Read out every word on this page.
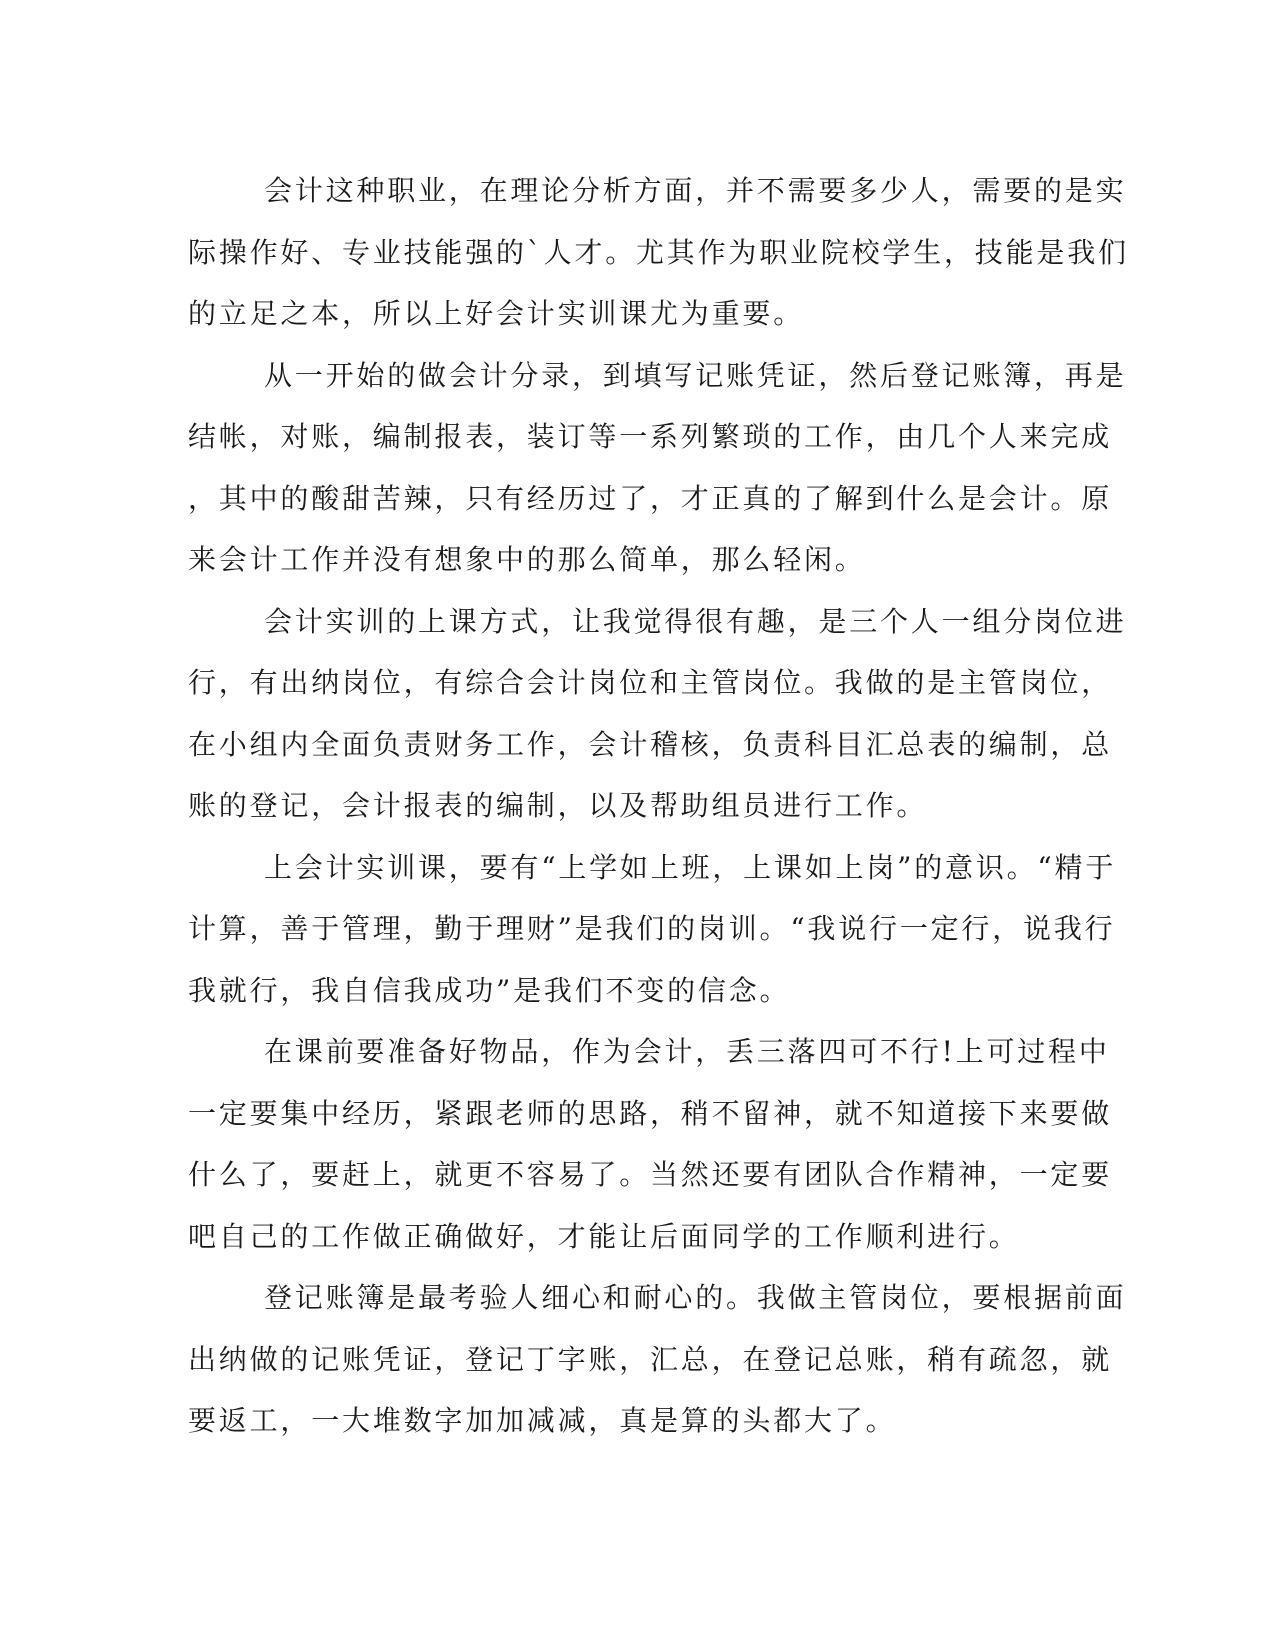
会计这种职业，在理论分析方面，并不需要多少人，需要的是实
际操作好、专业技能强的`人才。尤其作为职业院校学生，技能是我们
的立足之本，所以上好会计实训课尤为重要。

从一开始的做会计分录，到填写记账凭证，然后登记账簿，再是
结帐，对账，编制报表，装订等一系列繁琐的工作，由几个人来完成
，其中的酸甜苦辣，只有经历过了，才正真的了解到什么是会计。原
来会计工作并没有想象中的那么简单，那么轻闲。

会计实训的上课方式，让我觉得很有趣，是三个人一组分岗位进
行，有出纳岗位，有综合会计岗位和主管岗位。我做的是主管岗位，
在小组内全面负责财务工作，会计稽核，负责科目汇总表的编制，总
账的登记，会计报表的编制，以及帮助组员进行工作。

上会计实训课，要有“上学如上班，上课如上岗”的意识。“精于
计算，善于管理，勤于理财”是我们的岗训。“我说行一定行，说我行
我就行，我自信我成功”是我们不变的信念。

在课前要准备好物品，作为会计，丢三落四可不行!上可过程中
一定要集中经历，紧跟老师的思路，稍不留神，就不知道接下来要做
什么了，要赶上，就更不容易了。当然还要有团队合作精神，一定要
吧自己的工作做正确做好，才能让后面同学的工作顺利进行。

登记账簿是最考验人细心和耐心的。我做主管岗位，要根据前面
出纳做的记账凭证，登记丁字账，汇总，在登记总账，稍有疏忽，就
要返工，一大堆数字加加减减，真是算的头都大了。
